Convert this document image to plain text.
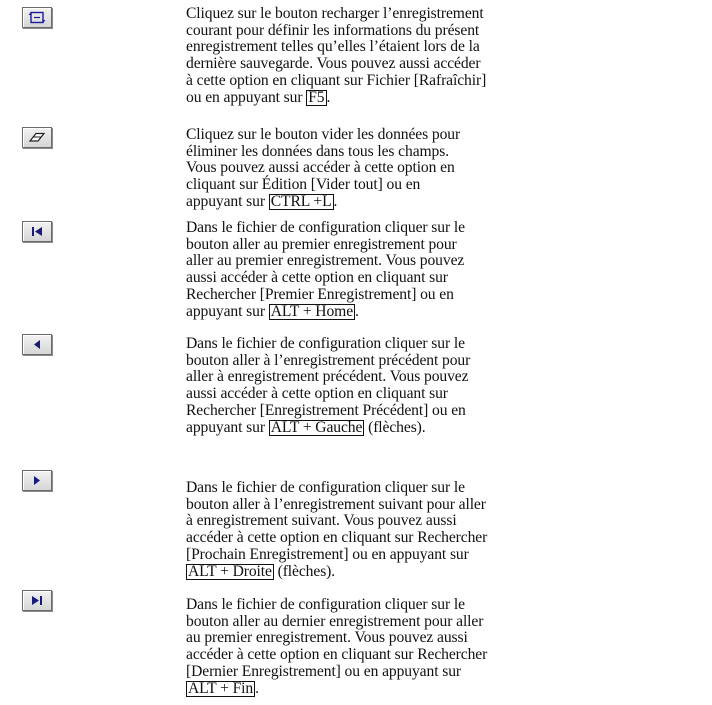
Cliquez sur le bouton recharger l’enregistrement
courant pour définir les informations du présent
enregistrement telles qu’elles l’étaient lors de la
dernière sauvegarde. Vous pouvez aussi accéder
à cette option en cliquant sur Fichier [Rafraîchir]
ou en appuyant sur F5 .
Cliquez sur le bouton vider les données pour
éliminer les données dans tous les champs.
Vous pouvez aussi accéder à cette option en
cliquant sur Édition [Vider tout] ou en
appuyant sur CTRL +L .
Dans le fichier de configuration cliquer sur le
bouton aller au premier enregistrement pour
aller au premier enregistrement. Vous pouvez
aussi accéder à cette option en cliquant sur
Rechercher [Premier Enregistrement] ou en
appuyant sur ALT + Home .
Dans le fichier de configuration cliquer sur le
bouton aller à l’enregistrement précédent pour
aller à enregistrement précédent. Vous pouvez
aussi accéder à cette option en cliquant sur
Rechercher [Enregistrement Précédent] ou en
appuyant sur ALT + Gauche (flèches).
Dans le fichier de configuration cliquer sur le
bouton aller à l’enregistrement suivant pour aller
à enregistrement suivant. Vous pouvez aussi
accéder à cette option en cliquant sur Rechercher
[Prochain Enregistrement] ou en appuyant sur
ALT + Droite (flèches).
Dans le fichier de configuration cliquer sur le
bouton aller au dernier enregistrement pour aller
au premier enregistrement. Vous pouvez aussi
accéder à cette option en cliquant sur Rechercher
[Dernier Enregistrement] ou en appuyant sur
ALT + Fin .
